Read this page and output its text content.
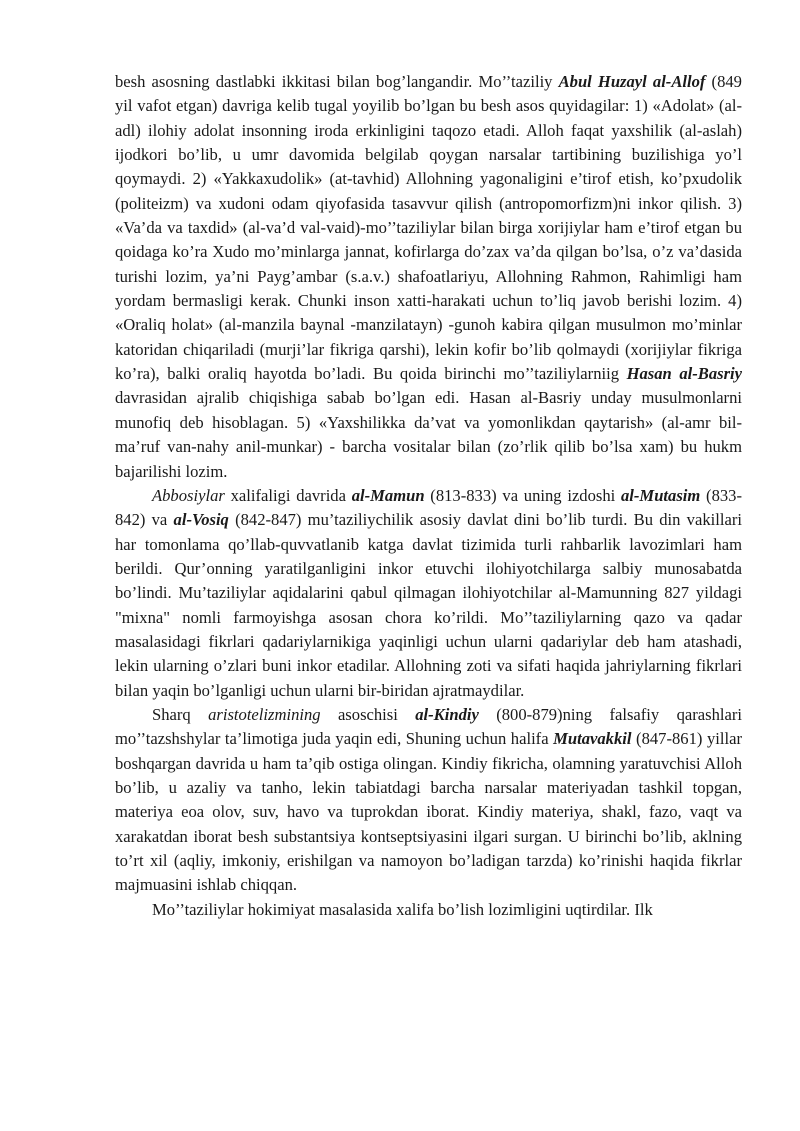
besh asosning dastlabki ikkitasi bilan bog’langandir. Mo’’taziliy Abul Huzayl al-Allof (849 yil vafot etgan) davriga kelib tugal yoyilib bo’lgan bu besh asos quyidagilar: 1) «Adolat» (al-adl) ilohiy adolat insonning iroda erkinligini taqozo etadi. Alloh faqat yaxshilik (al-aslah) ijodkori bo’lib, u umr davomida belgilab qoygan narsalar tartibining buzilishiga yo’l qoymaydi. 2) «Yakkaxudolik» (at-tavhid) Allohning yagonaligini e’tirof etish, ko’pxudolik (politeizm) va xudoni odam qiyofasida tasavvur qilish (antropomorfizm)ni inkor qilish. 3) «Va’da va taxdid» (al-va’d val-vaid)-mo’’taziliylar bilan birga xorijiylar ham e’tirof etgan bu qoidaga ko’ra Xudo mo’minlarga jannat, kofirlarga do’zax va’da qilgan bo’lsa, o’z va’dasida turishi lozim, ya’ni Payg’ambar (s.a.v.) shafoatlariyu, Allohning Rahmon, Rahimligi ham yordam bermasligi kerak. Chunki inson xatti-harakati uchun to’liq javob berishi lozim. 4) «Oraliq holat» (al-manzila baynal -manzilatayn) -gunoh kabira qilgan musulmon mo’minlar katoridan chiqariladi (murji’lar fikriga qarshi), lekin kofir bo’lib qolmaydi (xorijiylar fikriga ko’ra), balki oraliq hayotda bo’ladi. Bu qoida birinchi mo’’taziliylarniig Hasan al-Basriy davrasidan ajralib chiqishiga sabab bo’lgan edi. Hasan al-Basriy unday musulmonlarni munofiq deb hisoblagan. 5) «Yaxshilikka da’vat va yomonlikdan qaytarish» (al-amr bil-ma’ruf van-nahy anil-munkar) - barcha vositalar bilan (zo’rlik qilib bo’lsa xam) bu hukm bajarilishi lozim.

Abbosiylar xalifaligi davrida al-Mamun (813-833) va uning izdoshi al-Mutasim (833-842) va al-Vosiq (842-847) mu’taziliychilik asosiy davlat dini bo’lib turdi. Bu din vakillari har tomonlama qo’llab-quvvatlanib katga davlat tizimida turli rahbarlik lavozimlari ham berildi. Qur’onning yaratilganligini inkor etuvchi ilohiyotchilarga salbiy munosabatda bo’lindi. Mu’taziliylar aqidalarini qabul qilmagan ilohiyotchilar al-Mamunning 827 yildagi "mixna" nomli farmoyishga asosan chora ko’rildi. Mo’’taziliylarning qazo va qadar masalasidagi fikrlari qadariylarnikiga yaqinligi uchun ularni qadariylar deb ham atashadi, lekin ularning o’zlari buni inkor etadilar. Allohning zoti va sifati haqida jahriylarning fikrlari bilan yaqin bo’lganligi uchun ularni bir-biridan ajratmaydilar.

Sharq aristotelizmining asoschisi al-Kindiy (800-879)ning falsafiy qarashlari mo’’tazshshylar ta’limotiga juda yaqin edi, Shuning uchun halifa Mutavakkil (847-861) yillar boshqargan davrida u ham ta’qib ostiga olingan. Kindiy fikricha, olamning yaratuvchisi Alloh bo’lib, u azaliy va tanho, lekin tabiatdagi barcha narsalar materiyadan tashkil topgan, materiya eoa olov, suv, havo va tuprokdan iborat. Kindiy materiya, shakl, fazo, vaqt va xarakatdan iborat besh substantsiya kontseptsiyasini ilgari surgan. U birinchi bo’lib, aklning to’rt xil (aqliy, imkoniy, erishilgan va namoyon bo’ladigan tarzda) ko’rinishi haqida fikrlar majmuasini ishlab chiqqan.

Mo’’taziliylar hokimiyat masalasida xalifa bo’lish lozimligini uqtirdilar. Ilk
